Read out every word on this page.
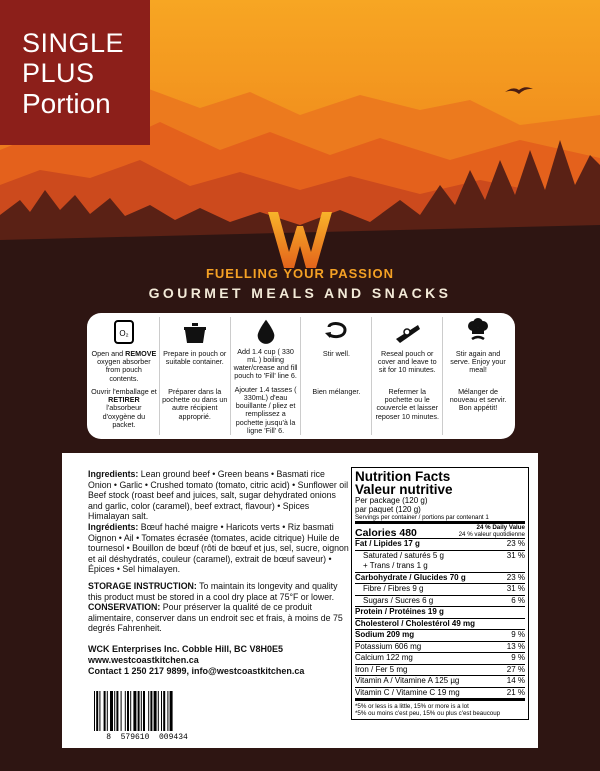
SINGLE
PLUS
Portion
FUELLING YOUR PASSION
GOURMET MEALS AND SNACKS
O₂
Open and REMOVE oxygen absorber from pouch contents.
Ouvrir l'emballage et RETIRER l'absorbeur d'oxygène du packet.
Prepare in pouch or suitable container.
Préparer dans la pochette ou dans un autre récipient approprié.
Add 1.4 cup ( 330 mL ) boiling water/crease and fill pouch to 'Fill' line 6.
Ajouter 1.4 tasses ( 330mL) d'eau bouillante / pliez et remplissez a pochette jusqu'à la ligne 'Fill' 6.
Stir well.
Bien mélanger.
Reseal pouch or cover and leave to sit for 10 minutes.
Refermer la pochette ou le couvercle et laisser reposer 10 minutes.
Stir again and serve. Enjoy your meal!
Mélanger de nouveau et servir. Bon appétit!

Ingredients: Lean ground beef • Green beans • Basmati rice Onion • Garlic • Crushed tomato (tomato, citric acid) • Sunflower oil Beef stock (roast beef and juices, salt, sugar dehydrated onions and garlic, color (caramel), beef extract, flavour) • Spices Himalayan salt.

Ingrédients: Bœuf haché maigre • Haricots verts • Riz basmati Oignon • Ail • Tomates écrasée (tomates, acide citrique) Huile de tournesol • Bouillon de bœuf (rôti de bœuf et jus, sel, sucre, oignon et ail déshydratés, couleur (caramel), extrait de bœuf saveur) • Épices • Sel himalayen.

STORAGE INSTRUCTION: To maintain its longevity and quality this product must be stored in a cool dry place at 75°F or lower.

CONSERVATION: Pour préserver la qualité de ce produit alimentaire, conserver dans un endroit sec et frais, à moins de 75 degrés Fahrenheit.

WCK Enterprises Inc. Cobble Hill, BC V8H0E5
www.westcoastkitchen.ca
Contact 1 250 217 9899, info@westcoastkitchen.ca
8  579610  009434
Nutrition Facts
Valeur nutritive
Per package (120 g)
par paquet (120 g)
Servings per container / portions par contenant 1
Calories 480	24 % Daily Value
24 % valeur quotidienne
Fat / Lipides 17 g	23 %
Saturated / saturés 5 g	31 %
+ Trans / trans 1 g
Carbohydrate / Glucides 70 g	23 %
Fibre / Fibres 9 g	31 %
Sugars / Sucres 6 g	6 %
Protein / Protéines 19 g
Cholesterol / Cholestérol 49 mg
Sodium 209 mg	9 %
Potassium 606 mg	13 %
Calcium 122 mg	9 %
Iron / Fer 5 mg	27 %
Vitamin A / Vitamine A 125 µg	14 %
Vitamin C / Vitamine C 19 mg	21 %
*5% or less is a little, 15% or more is a lot
*5% ou moins c'est peu, 15% ou plus c'est beaucoup
